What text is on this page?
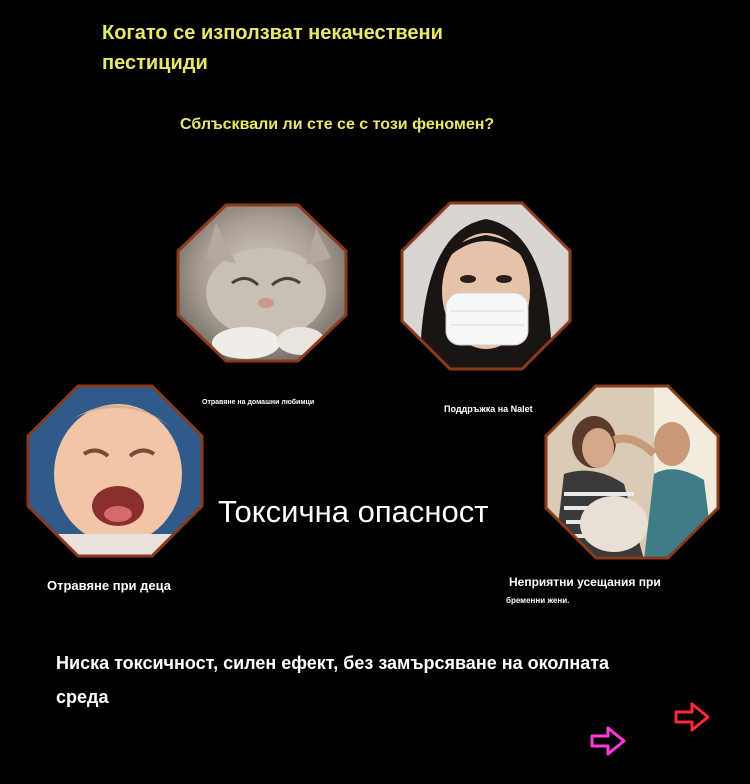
Когато се използват некачествени пестициди
Сблъсквали ли сте се с този феномен?
Отравяне на домашни любимци
Поддръжка на Nalet
Отравяне при деца	Неприятни усещания при
бременни жени.
Токсична опасност
Ниска токсичност, силен ефект, без замърсяване на околната среда
